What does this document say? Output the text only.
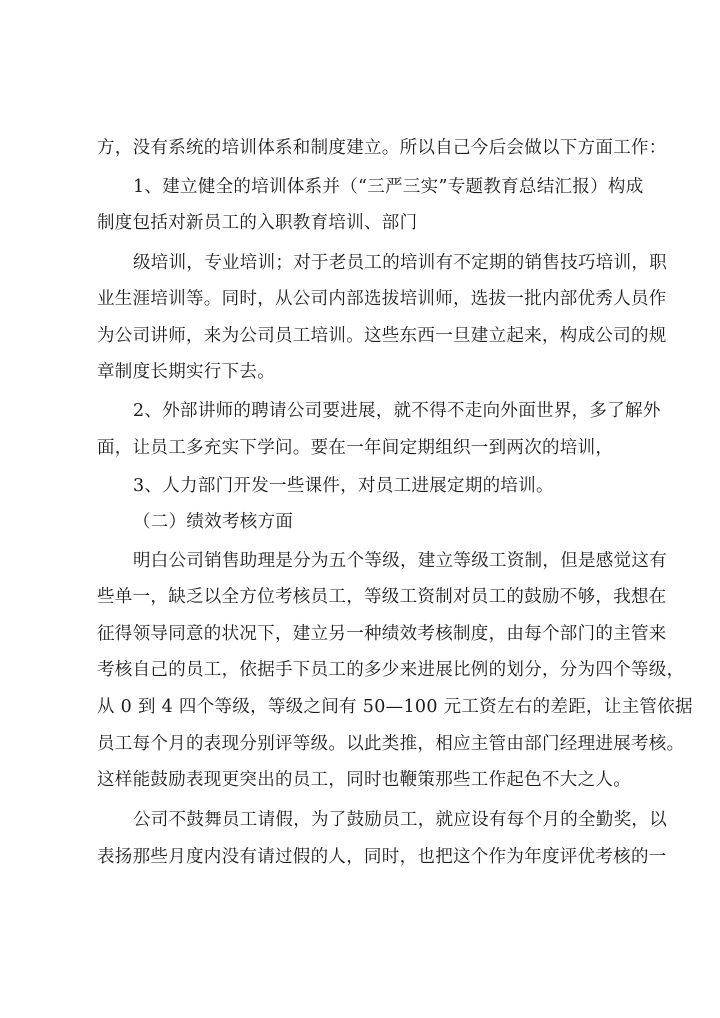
方，没有系统的培训体系和制度建立。所以自己今后会做以下方面工作：
1、建立健全的培训体系并（“三严三实”专题教育总结汇报）构成
制度包括对新员工的入职教育培训、部门
级培训，专业培训；对于老员工的培训有不定期的销售技巧培训，职
业生涯培训等。同时，从公司内部选拔培训师，选拔一批内部优秀人员作
为公司讲师，来为公司员工培训。这些东西一旦建立起来，构成公司的规
章制度长期实行下去。
2、外部讲师的聘请公司要进展，就不得不走向外面世界，多了解外
面，让员工多充实下学问。要在一年间定期组织一到两次的培训，
3、人力部门开发一些课件，对员工进展定期的培训。
（二）绩效考核方面
明白公司销售助理是分为五个等级，建立等级工资制，但是感觉这有
些单一，缺乏以全方位考核员工，等级工资制对员工的鼓励不够，我想在
征得领导同意的状况下，建立另一种绩效考核制度，由每个部门的主管来
考核自己的员工，依据手下员工的多少来进展比例的划分，分为四个等级，
从 0 到 4 四个等级，等级之间有 50—100 元工资左右的差距，让主管依据
员工每个月的表现分别评等级。以此类推，相应主管由部门经理进展考核。
这样能鼓励表现更突出的员工，同时也鞭策那些工作起色不大之人。
公司不鼓舞员工请假，为了鼓励员工，就应设有每个月的全勤奖，以
表扬那些月度内没有请过假的人，同时，也把这个作为年度评优考核的一
